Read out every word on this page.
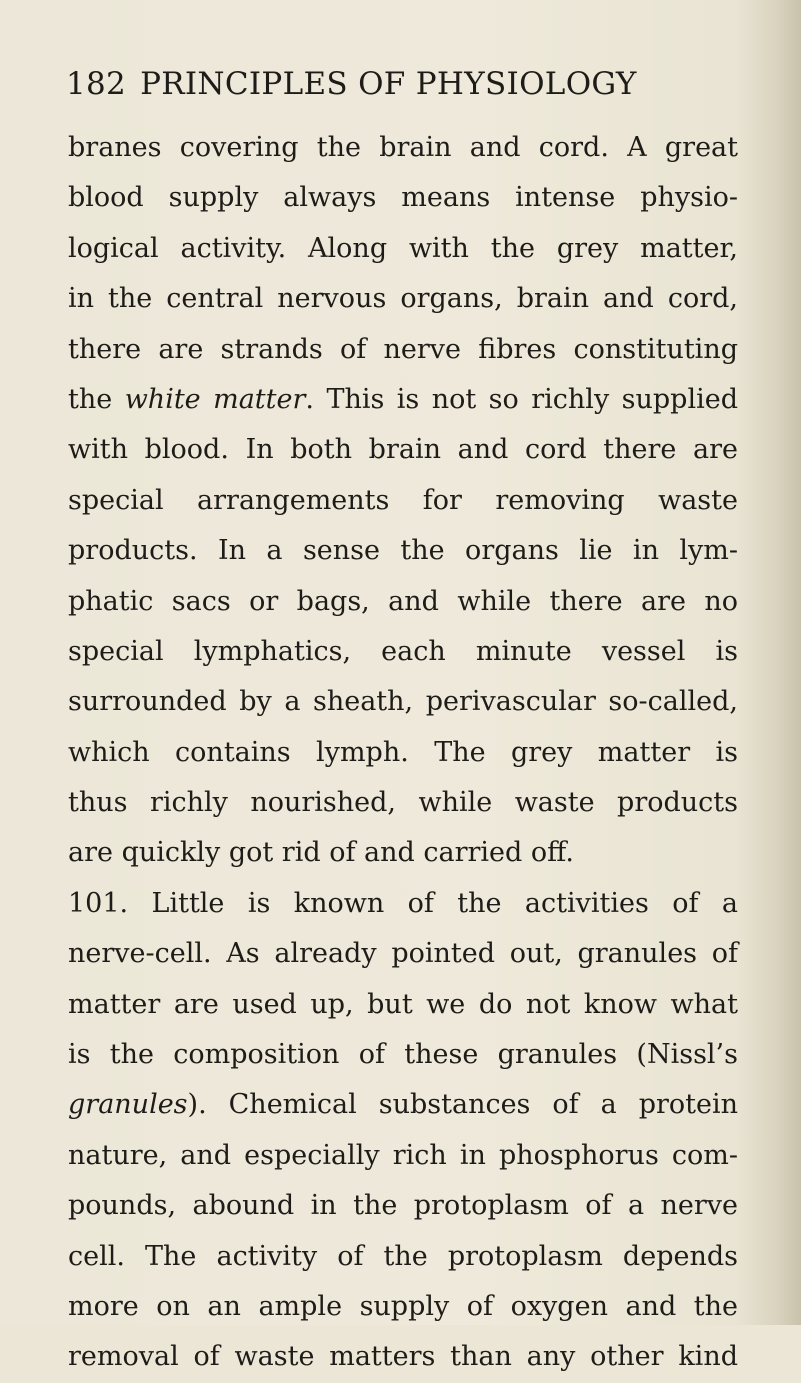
182 PRINCIPLES OF PHYSIOLOGY
branes covering the brain and cord. A great
blood supply always means intense physio-
logical activity. Along with the grey matter,
in the central nervous organs, brain and cord,
there are strands of nerve fibres constituting
the white matter. This is not so richly supplied
with blood. In both brain and cord there are
special arrangements for removing waste
products. In a sense the organs lie in lym-
phatic sacs or bags, and while there are no
special lymphatics, each minute vessel is
surrounded by a sheath, perivascular so-called,
which contains lymph. The grey matter is
thus richly nourished, while waste products
are quickly got rid of and carried off.
101. Little is known of the activities of a
nerve-cell. As already pointed out, granules of
matter are used up, but we do not know what
is the composition of these granules (Nissl’s
granules). Chemical substances of a protein
nature, and especially rich in phosphorus com-
pounds, abound in the protoplasm of a nerve
cell. The activity of the protoplasm depends
more on an ample supply of oxygen and the
removal of waste matters than any other kind
